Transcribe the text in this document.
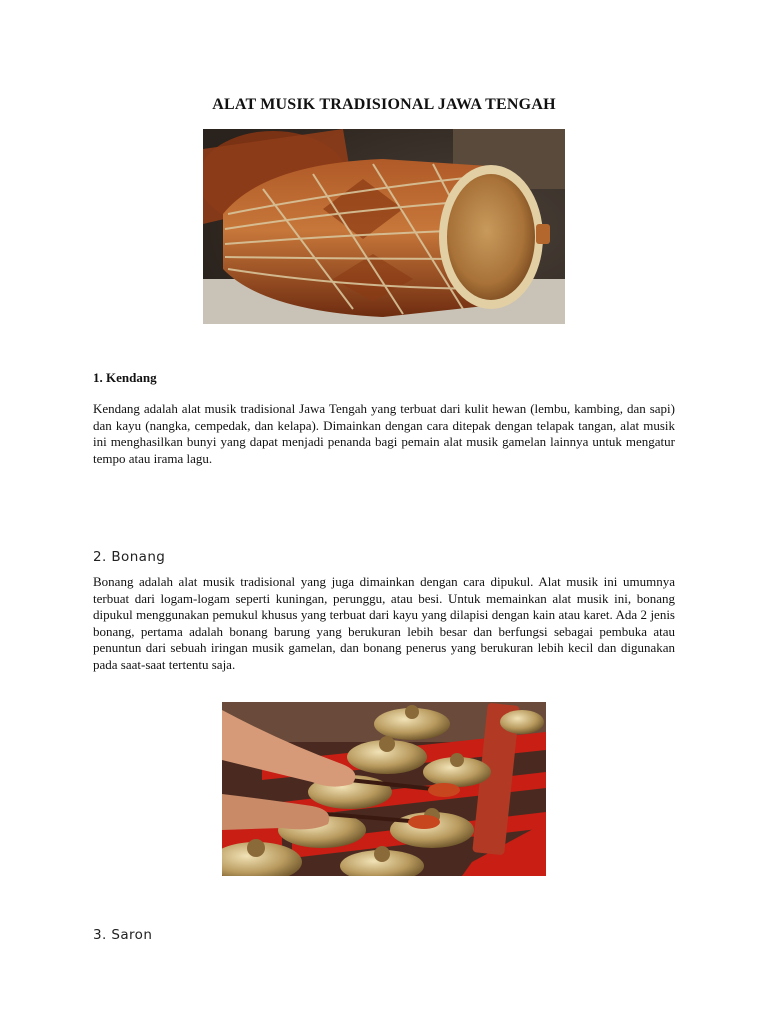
ALAT MUSIK TRADISIONAL JAWA TENGAH
1. Kendang

Kendang adalah alat musik tradisional Jawa Tengah yang terbuat dari kulit hewan (lembu, kambing, dan sapi) dan kayu (nangka, cempedak, dan kelapa). Dimainkan dengan cara ditepak dengan telapak tangan, alat musik ini menghasilkan bunyi yang dapat menjadi penanda bagi pemain alat musik gamelan lainnya untuk mengatur tempo atau irama lagu.

2. Bonang

Bonang adalah alat musik tradisional yang juga dimainkan dengan cara dipukul. Alat musik ini umumnya terbuat dari logam-logam seperti kuningan, perunggu, atau besi. Untuk memainkan alat musik ini, bonang dipukul menggunakan pemukul khusus yang terbuat dari kayu yang dilapisi dengan kain atau karet. Ada 2 jenis bonang, pertama adalah bonang barung yang berukuran lebih besar dan berfungsi sebagai pembuka atau penuntun dari sebuah iringan musik gamelan, dan bonang penerus yang berukuran lebih kecil dan digunakan pada saat-saat tertentu saja.

3. Saron
